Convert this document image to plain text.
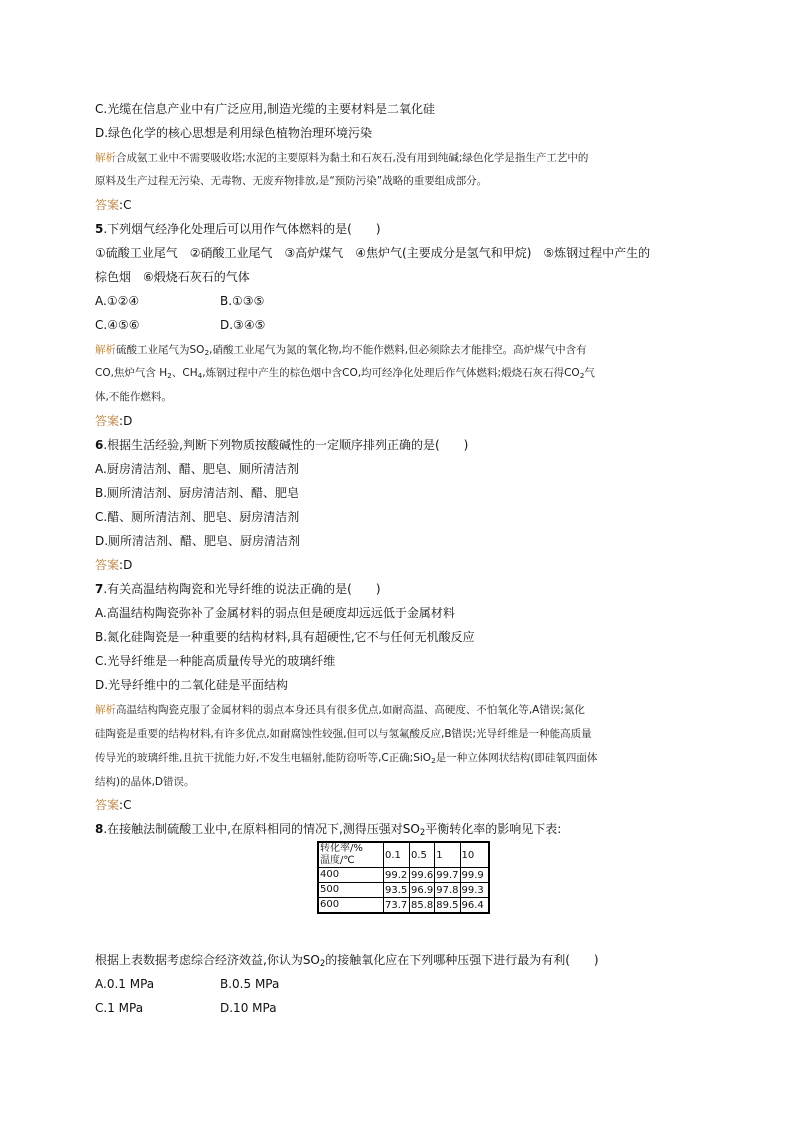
C.光缆在信息产业中有广泛应用,制造光缆的主要材料是二氧化硅
D.绿色化学的核心思想是利用绿色植物治理环境污染
解析合成氨工业中不需要吸收塔;水泥的主要原料为黏土和石灰石,没有用到纯碱;绿色化学是指生产工艺中的
原料及生产过程无污染、无毒物、无废弃物排放,是“预防污染”战略的重要组成部分。
答案:C
5.下列烟气经净化处理后可以用作气体燃料的是(　　)
①硫酸工业尾气　②硝酸工业尾气　③高炉煤气　④焦炉气(主要成分是氢气和甲烷)　⑤炼钢过程中产生的
棕色烟　⑥煅烧石灰石的气体
A.①②④	B.①③⑤
C.④⑤⑥	D.③④⑤
解析硫酸工业尾气为$SO_2$,硝酸工业尾气为氮的氧化物,均不能作燃料,但必须除去才能排空。高炉煤气中含有
CO,焦炉气含 $H_2$、$CH_4$,炼钢过程中产生的棕色烟中含CO,均可经净化处理后作气体燃料;煅烧石灰石得$CO_2$气
体,不能作燃料。
答案:D
6.根据生活经验,判断下列物质按酸碱性的一定顺序排列正确的是(　　)
A.厨房清洁剂、醋、肥皂、厕所清洁剂
B.厕所清洁剂、厨房清洁剂、醋、肥皂
C.醋、厕所清洁剂、肥皂、厨房清洁剂
D.厕所清洁剂、醋、肥皂、厨房清洁剂
答案:D
7.有关高温结构陶瓷和光导纤维的说法正确的是(　　)
A.高温结构陶瓷弥补了金属材料的弱点但是硬度却远远低于金属材料
B.氮化硅陶瓷是一种重要的结构材料,具有超硬性,它不与任何无机酸反应
C.光导纤维是一种能高质量传导光的玻璃纤维
D.光导纤维中的二氧化硅是平面结构
解析高温结构陶瓷克服了金属材料的弱点本身还具有很多优点,如耐高温、高硬度、不怕氧化等,A错误;氮化
硅陶瓷是重要的结构材料,有许多优点,如耐腐蚀性较强,但可以与氢氟酸反应,B错误;光导纤维是一种能高质量
传导光的玻璃纤维,且抗干扰能力好,不发生电辐射,能防窃听等,C正确;SiO$_2$是一种立体网状结构(即硅氧四面体
结构)的晶体,D错误。
答案:C
8.在接触法制硫酸工业中,在原料相同的情况下,测得压强对$SO_2$平衡转化率的影响见下表:
转化率/%
温度/℃	0.1	0.5	1	10
400	99.2	99.6	99.7	99.9
500	93.5	96.9	97.8	99.3
600	73.7	85.8	89.5	96.4
根据上表数据考虑综合经济效益,你认为$SO_2$的接触氧化应在下列哪种压强下进行最为有利(　　)
A.0.1 MPa	B.0.5 MPa
C.1 MPa	D.10 MPa
